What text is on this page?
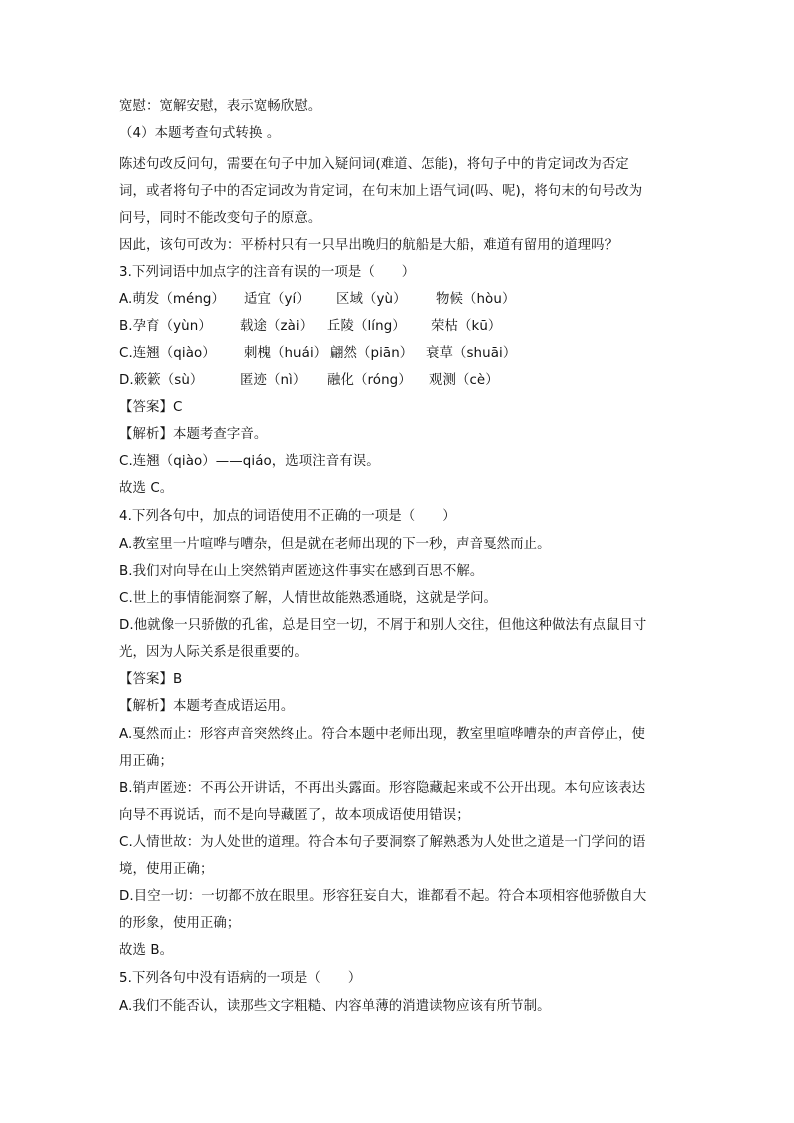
宽慰：宽解安慰，表示宽畅欣慰。
（4）本题考查句式转换 。
陈述句改反问句，需要在句子中加入疑问词(难道、怎能)，将句子中的肯定词改为否定
词，或者将句子中的否定词改为肯定词，在句末加上语气词(吗、呢)，将句末的句号改为
问号，同时不能改变句子的原意。
因此，该句可改为：平桥村只有一只早出晚归的航船是大船，难道有留用的道理吗？
3.下列词语中加点字的注音有误的一项是（　　）
A.萌发（méng）	适宜（yí）	区域（yù）	物候（hòu）
B.孕育（yùn）	载途（zài）	丘陵（líng）	荣枯（kū）
C.连翘（qiào）	刺槐（huái） 翩然（piān） 衰草（shuāi）
D.簌簌（sù）	匿迹（nì）	融化（róng）	观测（cè）
【答案】C
【解析】本题考查字音。
C.连翘（qiào）——qiáo，选项注音有误。
故选 C。
4.下列各句中，加点的词语使用不正确的一项是（　　）
A.教室里一片喧哗与嘈杂，但是就在老师出现的下一秒，声音戛然而止。
B.我们对向导在山上突然销声匿迹这件事实在感到百思不解。
C.世上的事情能洞察了解，人情世故能熟悉通晓，这就是学问。
D.他就像一只骄傲的孔雀，总是目空一切，不屑于和别人交往，但他这种做法有点鼠目寸
光，因为人际关系是很重要的。
【答案】B
【解析】本题考查成语运用。
A.戛然而止：形容声音突然终止。符合本题中老师出现，教室里喧哗嘈杂的声音停止，使
用正确；
B.销声匿迹：不再公开讲话，不再出头露面。形容隐藏起来或不公开出现。本句应该表达
向导不再说话，而不是向导藏匿了，故本项成语使用错误；
C.人情世故：为人处世的道理。符合本句子要洞察了解熟悉为人处世之道是一门学问的语
境，使用正确；
D.目空一切：一切都不放在眼里。形容狂妄自大，谁都看不起。符合本项相容他骄傲自大
的形象，使用正确；
故选 B。
5.下列各句中没有语病的一项是（　　）
A.我们不能否认，读那些文字粗糙、内容单薄的消遣读物应该有所节制。
